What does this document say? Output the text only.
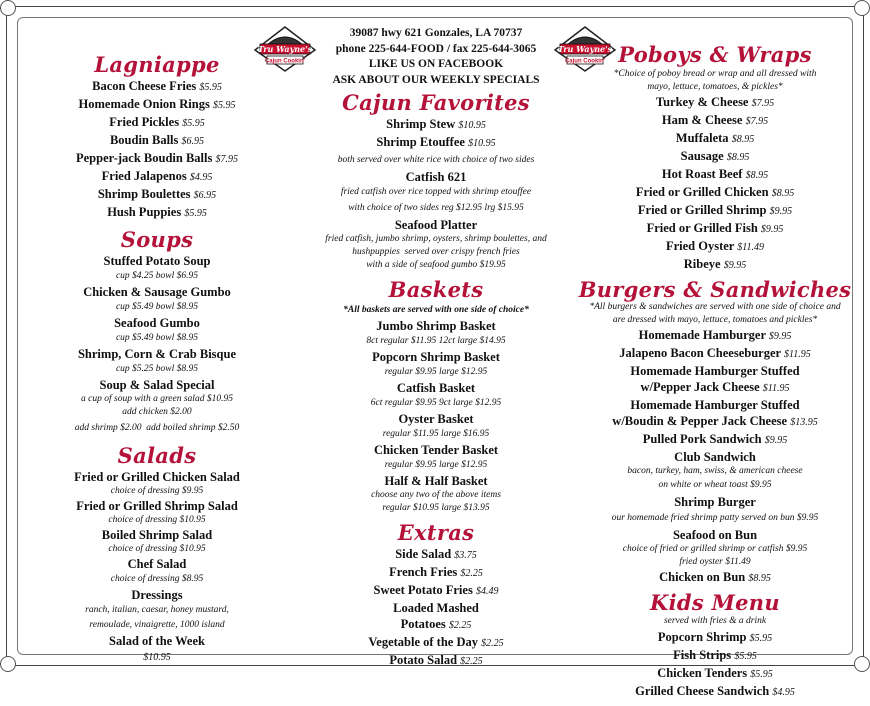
Tru Wayne's
Cajun Cookin'
Tru Wayne's
Cajun Cookin'
Lagniappe
Bacon Cheese Fries $5.95
Homemade Onion Rings $5.95
Fried Pickles $5.95
Boudin Balls $6.95
Pepper-jack Boudin Balls $7.95
Fried Jalapenos $4.95
Shrimp Boulettes $6.95
Hush Puppies $5.95
Soups
Stuffed Potato Soup
cup $4.25 bowl $6.95
Chicken & Sausage Gumbo
cup $5.49 bowl $8.95
Seafood Gumbo
cup $5.49 bowl $8.95
Shrimp, Corn & Crab Bisque
cup $5.25 bowl $8.95
Soup & Salad Special
a cup of soup with a green salad $10.95
add chicken $2.00
add shrimp $2.00  add boiled shrimp $2.50
Salads
Fried or Grilled Chicken Salad
choice of dressing $9.95
Fried or Grilled Shrimp Salad
choice of dressing $10.95
Boiled Shrimp Salad
choice of dressing $10.95
Chef Salad
choice of dressing $8.95
Dressings
ranch, italian, caesar, honey mustard,
remoulade, vinaigrette, 1000 island
Salad of the Week
$10.95
39087 hwy 621 Gonzales, LA 70737
phone 225-644-FOOD / fax 225-644-3065
LIKE US ON FACEBOOK
ASK ABOUT OUR WEEKLY SPECIALS
Cajun Favorites
Shrimp Stew $10.95
Shrimp Etouffee $10.95
both served over white rice with choice of two sides
Catfish 621
fried catfish over rice topped with shrimp etouffee
with choice of two sides reg $12.95 lrg $15.95
Seafood Platter
fried catfish, jumbo shrimp, oysters, shrimp boulettes, and
hushpuppies  served over crispy french fries
with a side of seafood gumbo $19.95
Baskets
*All baskets are served with one side of choice*
Jumbo Shrimp Basket
8ct regular $11.95 12ct large $14.95
Popcorn Shrimp Basket
regular $9.95 large $12.95
Catfish Basket
6ct regular $9.95 9ct large $12.95
Oyster Basket
regular $11.95 large $16.95
Chicken Tender Basket
regular $9.95 large $12.95
Half & Half Basket
choose any two of the above items
regular $10.95 large $13.95
Extras
Side Salad $3.75
French Fries $2.25
Sweet Potato Fries $4.49
Loaded Mashed
Potatoes $2.25
Vegetable of the Day $2.25
Potato Salad $2.25
Poboys & Wraps
*Choice of poboy bread or wrap and all dressed with
mayo, lettuce, tomatoes, & pickles*
Turkey & Cheese $7.95
Ham & Cheese $7.95
Muffaleta $8.95
Sausage $8.95
Hot Roast Beef $8.95
Fried or Grilled Chicken $8.95
Fried or Grilled Shrimp $9.95
Fried or Grilled Fish $9.95
Fried Oyster $11.49
Ribeye $9.95
Burgers & Sandwiches
*All burgers & sandwiches are served with one side of choice and
are dressed with mayo, lettuce, tomatoes and pickles*
Homemade Hamburger $9.95
Jalapeno Bacon Cheeseburger $11.95
Homemade Hamburger Stuffed
w/Pepper Jack Cheese $11.95
Homemade Hamburger Stuffed
w/Boudin & Pepper Jack Cheese $13.95
Pulled Pork Sandwich $9.95
Club Sandwich
bacon, turkey, ham, swiss, & american cheese
on white or wheat toast $9.95
Shrimp Burger
our homemade fried shrimp patty served on bun $9.95
Seafood on Bun
choice of fried or grilled shrimp or catfish $9.95
fried oyster $11.49
Chicken on Bun $8.95
Kids Menu
served with fries & a drink
Popcorn Shrimp $5.95
Fish Strips $5.95
Chicken Tenders $5.95
Grilled Cheese Sandwich $4.95
